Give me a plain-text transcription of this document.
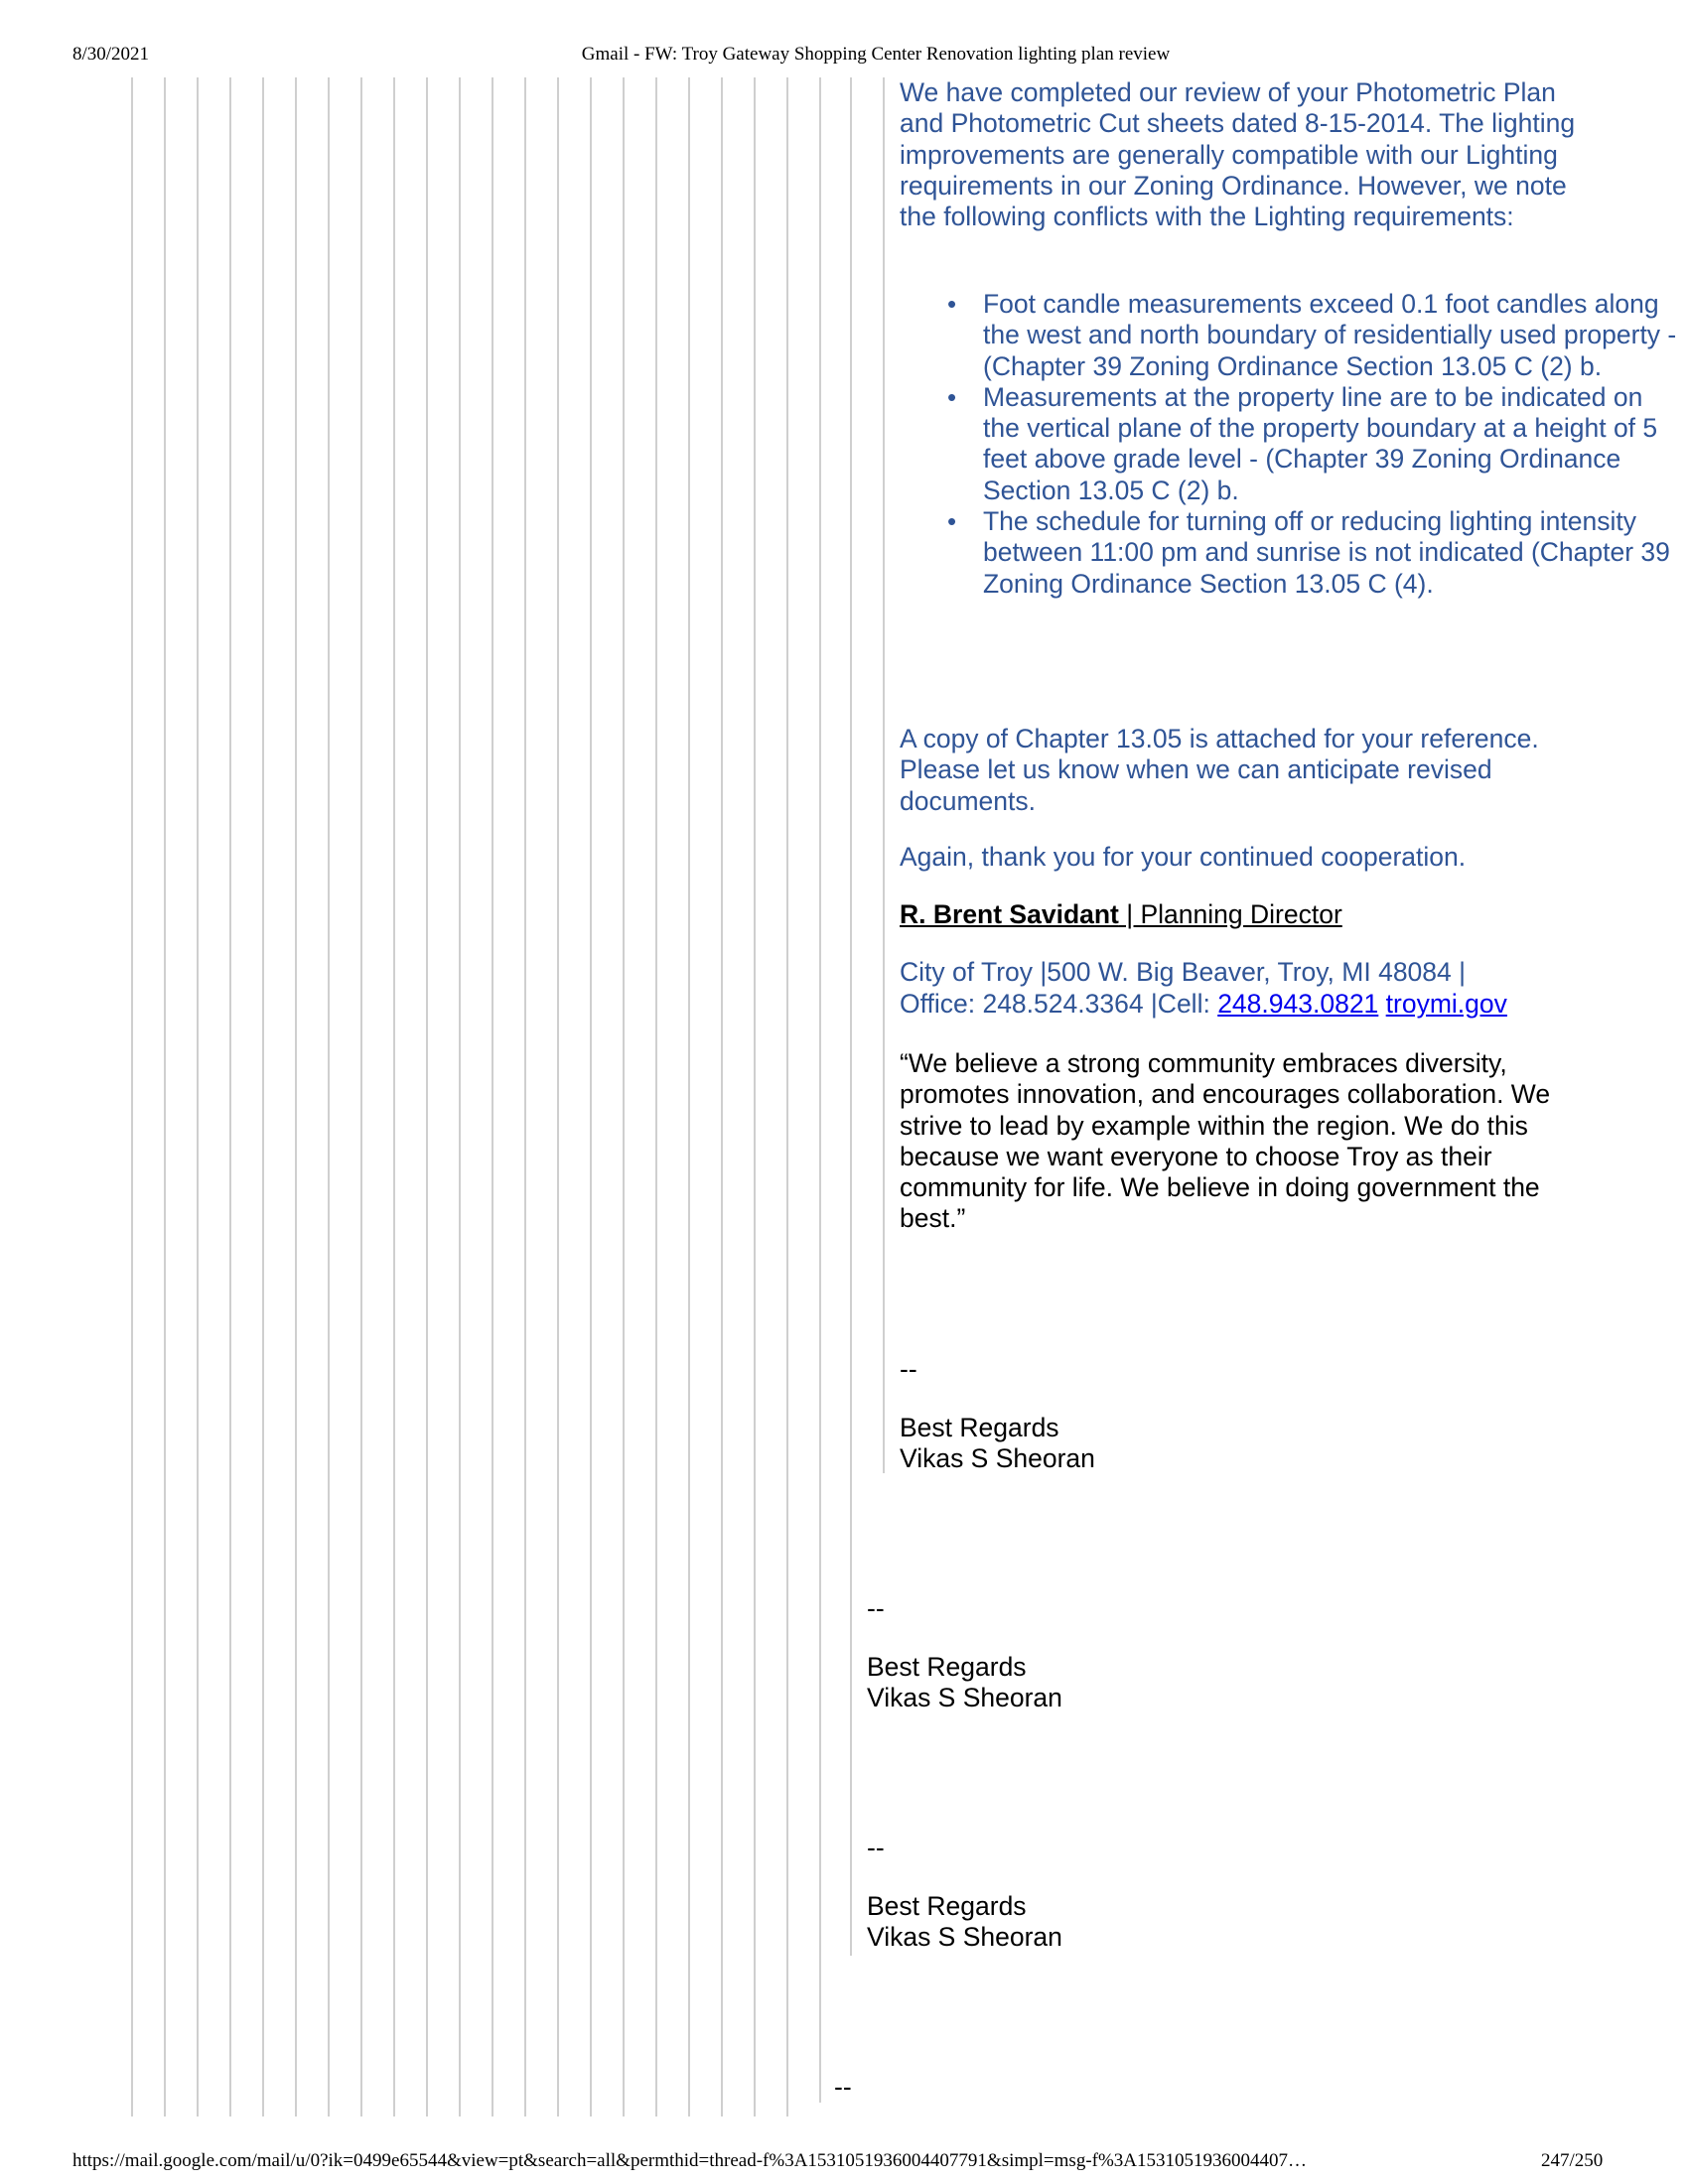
8/30/2021	Gmail - FW: Troy Gateway Shopping Center Renovation lighting plan review
https://mail.google.com/mail/u/0?ik=0499e65544&view=pt&search=all&permthid=thread-f%3A1531051936004407791&simpl=msg-f%3A1531051936004407…	247/250

We have completed our review of your Photometric Plan and Photometric Cut sheets dated 8-15-2014. The lighting improvements are generally compatible with our Lighting requirements in our Zoning Ordinance. However, we note the following conflicts with the Lighting requirements:

• Foot candle measurements exceed 0.1 foot candles along the west and north boundary of residentially used property - (Chapter 39 Zoning Ordinance Section 13.05 C (2) b.
• Measurements at the property line are to be indicated on the vertical plane of the property boundary at a height of 5 feet above grade level - (Chapter 39 Zoning Ordinance Section 13.05 C (2) b.
• The schedule for turning off or reducing lighting intensity between 11:00 pm and sunrise is not indicated (Chapter 39 Zoning Ordinance Section 13.05 C (4).

A copy of Chapter 13.05 is attached for your reference. Please let us know when we can anticipate revised documents.

Again, thank you for your continued cooperation.

R. Brent Savidant | Planning Director
City of Troy |500 W. Big Beaver, Troy, MI 48084 |
Office: 248.524.3364 |Cell: 248.943.0821 troymi.gov
“We believe a strong community embraces diversity, promotes innovation, and encourages collaboration. We strive to lead by example within the region. We do this because we want everyone to choose Troy as their community for life. We believe in doing government the best.”
--
Best Regards
Vikas S Sheoran
--
Best Regards
Vikas S Sheoran
--
Best Regards
Vikas S Sheoran
--
